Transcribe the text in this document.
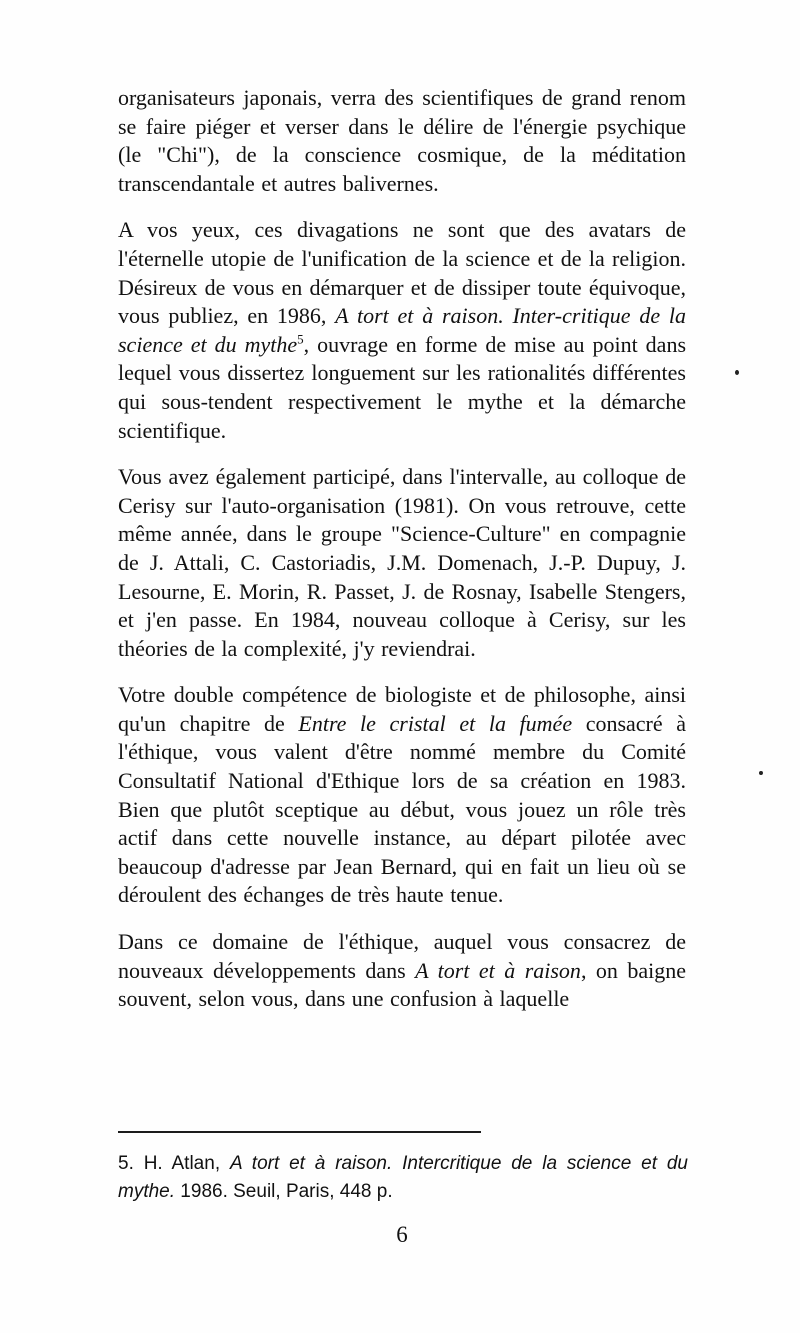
organisateurs japonais, verra des scientifiques de grand renom se faire piéger et verser dans le délire de l'énergie psychique (le "Chi"), de la conscience cosmique, de la méditation transcendantale et autres balivernes.

A vos yeux, ces divagations ne sont que des avatars de l'éternelle utopie de l'unification de la science et de la religion. Désireux de vous en démarquer et de dissiper toute équivoque, vous publiez, en 1986, A tort et à raison. Inter-critique de la science et du mythe$^5$, ouvrage en forme de mise au point dans lequel vous dissertez longuement sur les rationalités différentes qui sous-tendent respectivement le mythe et la démarche scientifique.

Vous avez également participé, dans l'intervalle, au colloque de Cerisy sur l'auto-organisation (1981). On vous retrouve, cette même année, dans le groupe "Science-Culture" en compagnie de J. Attali, C. Castoriadis, J.M. Domenach, J.-P. Dupuy, J. Lesourne, E. Morin, R. Passet, J. de Rosnay, Isabelle Stengers, et j'en passe. En 1984, nouveau colloque à Cerisy, sur les théories de la complexité, j'y reviendrai.

Votre double compétence de biologiste et de philosophe, ainsi qu'un chapitre de Entre le cristal et la fumée consacré à l'éthique, vous valent d'être nommé membre du Comité Consultatif National d'Ethique lors de sa création en 1983. Bien que plutôt sceptique au début, vous jouez un rôle très actif dans cette nouvelle instance, au départ pilotée avec beaucoup d'adresse par Jean Bernard, qui en fait un lieu où se déroulent des échanges de très haute tenue.

Dans ce domaine de l'éthique, auquel vous consacrez de nouveaux développements dans A tort et à raison, on baigne souvent, selon vous, dans une confusion à laquelle

5. H. Atlan, A tort et à raison. Intercritique de la science et du mythe. 1986. Seuil, Paris, 448 p.
6
